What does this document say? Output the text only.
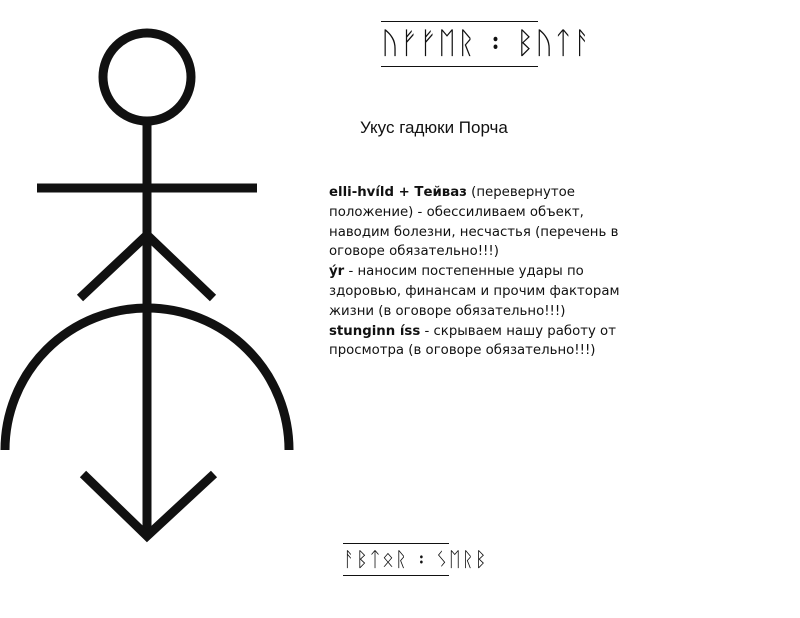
ᚢᚠᚠᛖᚱ ᛬ ᛒᚢᛏᚨ
Укус гадюки Порча
elli-hvíld + Тейваз (перевернутое положение) - обессиливаем объект, наводим болезни, несчастья (перечень в оговоре обязательно!!!)
ýr - наносим постепенные удары по здоровью, финансам и прочим факторам жизни (в оговоре обязательно!!!)
stunginn íss - скрываем нашу работу от просмотра (в оговоре обязательно!!!)
ᚨᛒᛏᛟᚱ ᛬ ᛊᛖᚱᛒ
